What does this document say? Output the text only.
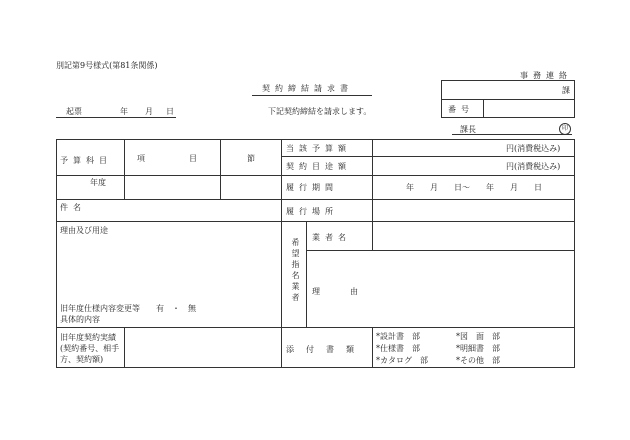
別記第9号様式(第81条関係)
契約締結請求書
起票	年 月 日	下記契約締結を請求します。
事務連絡
課
番号
課長	印
予算科目
年度
項	目	節
件名
理由及び用途
旧年度仕様内容変更等 有　・　無
具体的内容
旧年度契約実績
(契約番号、相手
方、契約額)
当該予算額	円(消費税込み)
契約目途額	円(消費税込み)
履行期間	年　　月　　日～　　年　　月　　日
履行場所
希望指名業者
業者名
理由
添付書類
*設計書　部	*図　面　部
*仕様書　部	*明細書　部
*カタログ　部	*その他　部
